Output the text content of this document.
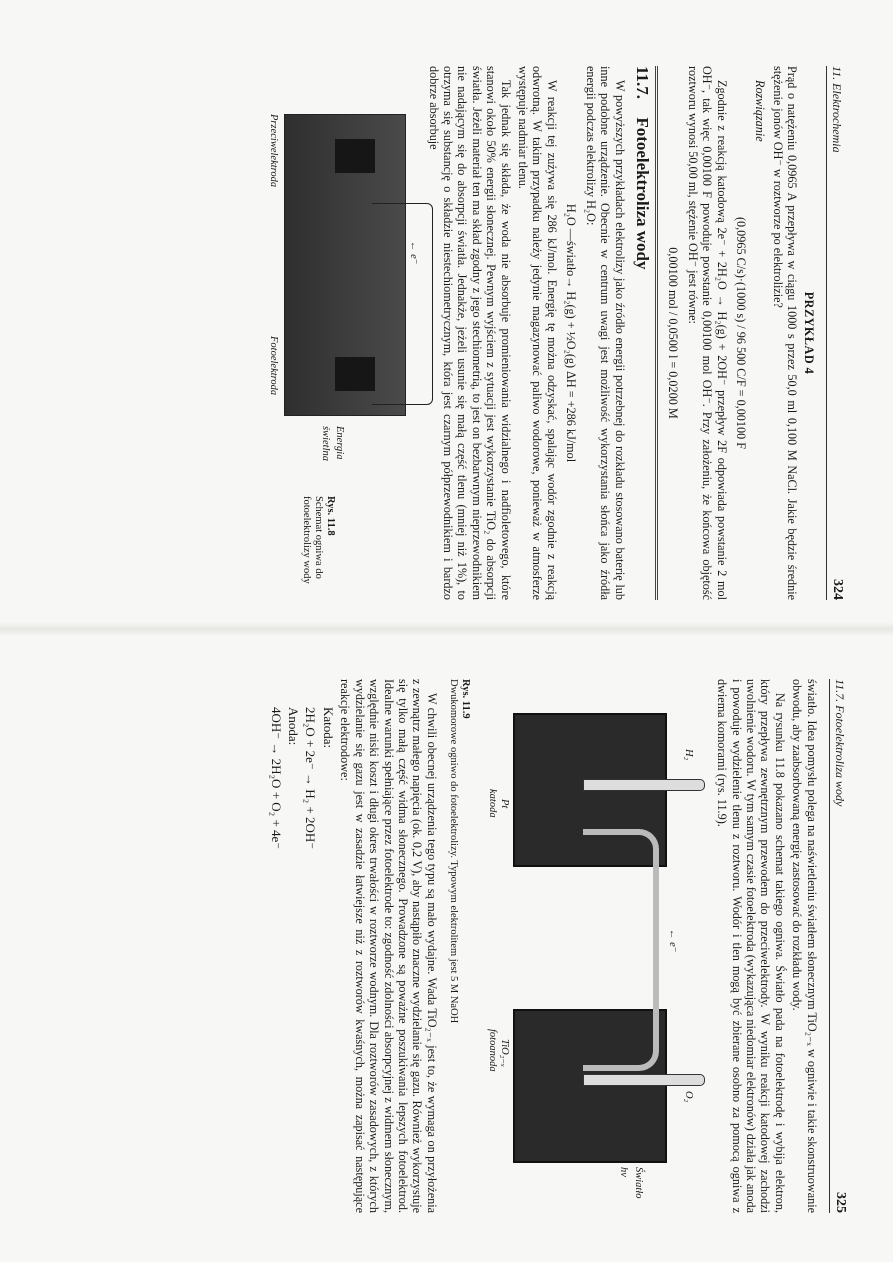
11. Elektrochemia
324
PRZYKŁAD 4

Prąd o natężeniu 0,0965 A przepływa w ciągu 1000 s przez 50,0 ml 0,100 M NaCl. Jakie będzie średnie stężenie jonów OH⁻ w roztworze po elektrolizie?

Rozwiązanie

(0,0965 C/s)·(1000 s) / 96 500 C/F = 0,00100 F

Zgodnie z reakcją katodową 2e⁻ + 2H₂O → H₂(g) + 2OH⁻ przepływ 2F odpowiada powstanie 2 mol OH⁻, tak więc 0,00100 F powoduje powstanie 0,00100 mol OH⁻. Przy założeniu, że końcowa objętość roztworu wynosi 50,00 ml, stężenie OH⁻ jest równe:

0,00100 mol / 0,0500 l = 0,0200 M
11.7. Fotoelektroliza wody

W powyższych przykładach elektrolizy jako źródło energii potrzebnej do rozkładu stosowano baterię lub inne podobne urządzenie. Obecnie w centrum uwagi jest możliwość wykorzystania słońca jako źródła energii podczas elektrolizy H₂O:

H₂O —światło→ H₂(g) + ½O₂(g) ΔH = +286 kJ/mol

W reakcji tej zużywa się 286 kJ/mol. Energię tę można odzyskać, spalając wodór zgodnie z reakcją odwrotną. W takim przypadku należy jedynie magazynować paliwo wodorowe, ponieważ w atmosferze występuje nadmiar tlenu.

Tak jednak się składa, że woda nie absorbuje promieniowania widzialnego i nadfioletowego, które stanowi około 50% energii słonecznej. Pewnym wyjściem z sytuacji jest wykorzystanie TiO₂ do absorpcji światła. Jeżeli materiał ten ma skład zgodny z jego stechiometrią, to jest on bezbarwnym nieprzewodnikiem nie nadającym się do absorpcji światła. Jednakże, jeżeli usunie się małą część tlenu (mniej niż 1%), to otrzyma się substancję o składzie niestechiometrycznym, która jest czarnym półprzewodnikiem i bardzo dobrze absorbuje

← e⁻
Energia świetlna
Przeciwelektroda
Fotoelektroda
Rys. 11.8
Schemat ogniwa do fotoelektrolizy wody
11.7. Fotoelektroliza wody
325

światło. Idea pomysłu polega na naświetleniu światłem słonecznym TiO₂₋ₓ w ogniwie i takie skonstruowanie obwodu, aby zaabsorbowaną energię zastosować do rozkładu wody.

Na rysunku 11.8 pokazano schemat takiego ogniwa. Światło pada na fotoelektrodę i wybija elektron, który przepływa zewnętrznym przewodem do przeciwelektrody. W wyniku reakcji katodowej zachodzi uwolnienie wodoru. W tym samym czasie fotoelektroda (wykazująca niedomiar elektronów) działa jak anoda i powoduje wydzielenie tlenu z roztworu. Wodór i tlen mogą być zbierane osobno za pomocą ogniwa z dwiema komorami (rys. 11.9).

H₂
O₂
← e⁻
Światło hν
Pt
katoda
TiO₂₋ₓ
fotoanoda
Rys. 11.9
Dwukomorowe ogniwo do fotoelektrolizy. Typowym elektrolitem jest 5 M NaOH

W chwili obecnej urządzenia tego typu są mało wydajne. Wada TiO₂₋ₓ jest to, że wymaga on przyłożenia z zewnątrz małego napięcia (ok. 0,2 V), aby nastąpiło znaczne wydzielanie się gazu. Również wykorzystuje się tylko małą część widma słonecznego. Prowadzone są poważne poszukiwania lepszych fotoelektrod. Idealne warunki spełniające przez fotoelektrode to: zgodność zdolności absorpcyjnej z widmem słonecznym, względnie niski koszt i długi okres trwałości w roztworze wodnym. Dla roztworów zasadowych, z których wydzielanie się gazu jest w zasadzie łatwiejsze niż z roztworów kwaśnych, można zapisać następujące reakcje elektrodowe:

Katoda:
2H₂O + 2e⁻ → H₂ + 2OH⁻
Anoda:
4OH⁻ → 2H₂O + O₂ + 4e⁻
